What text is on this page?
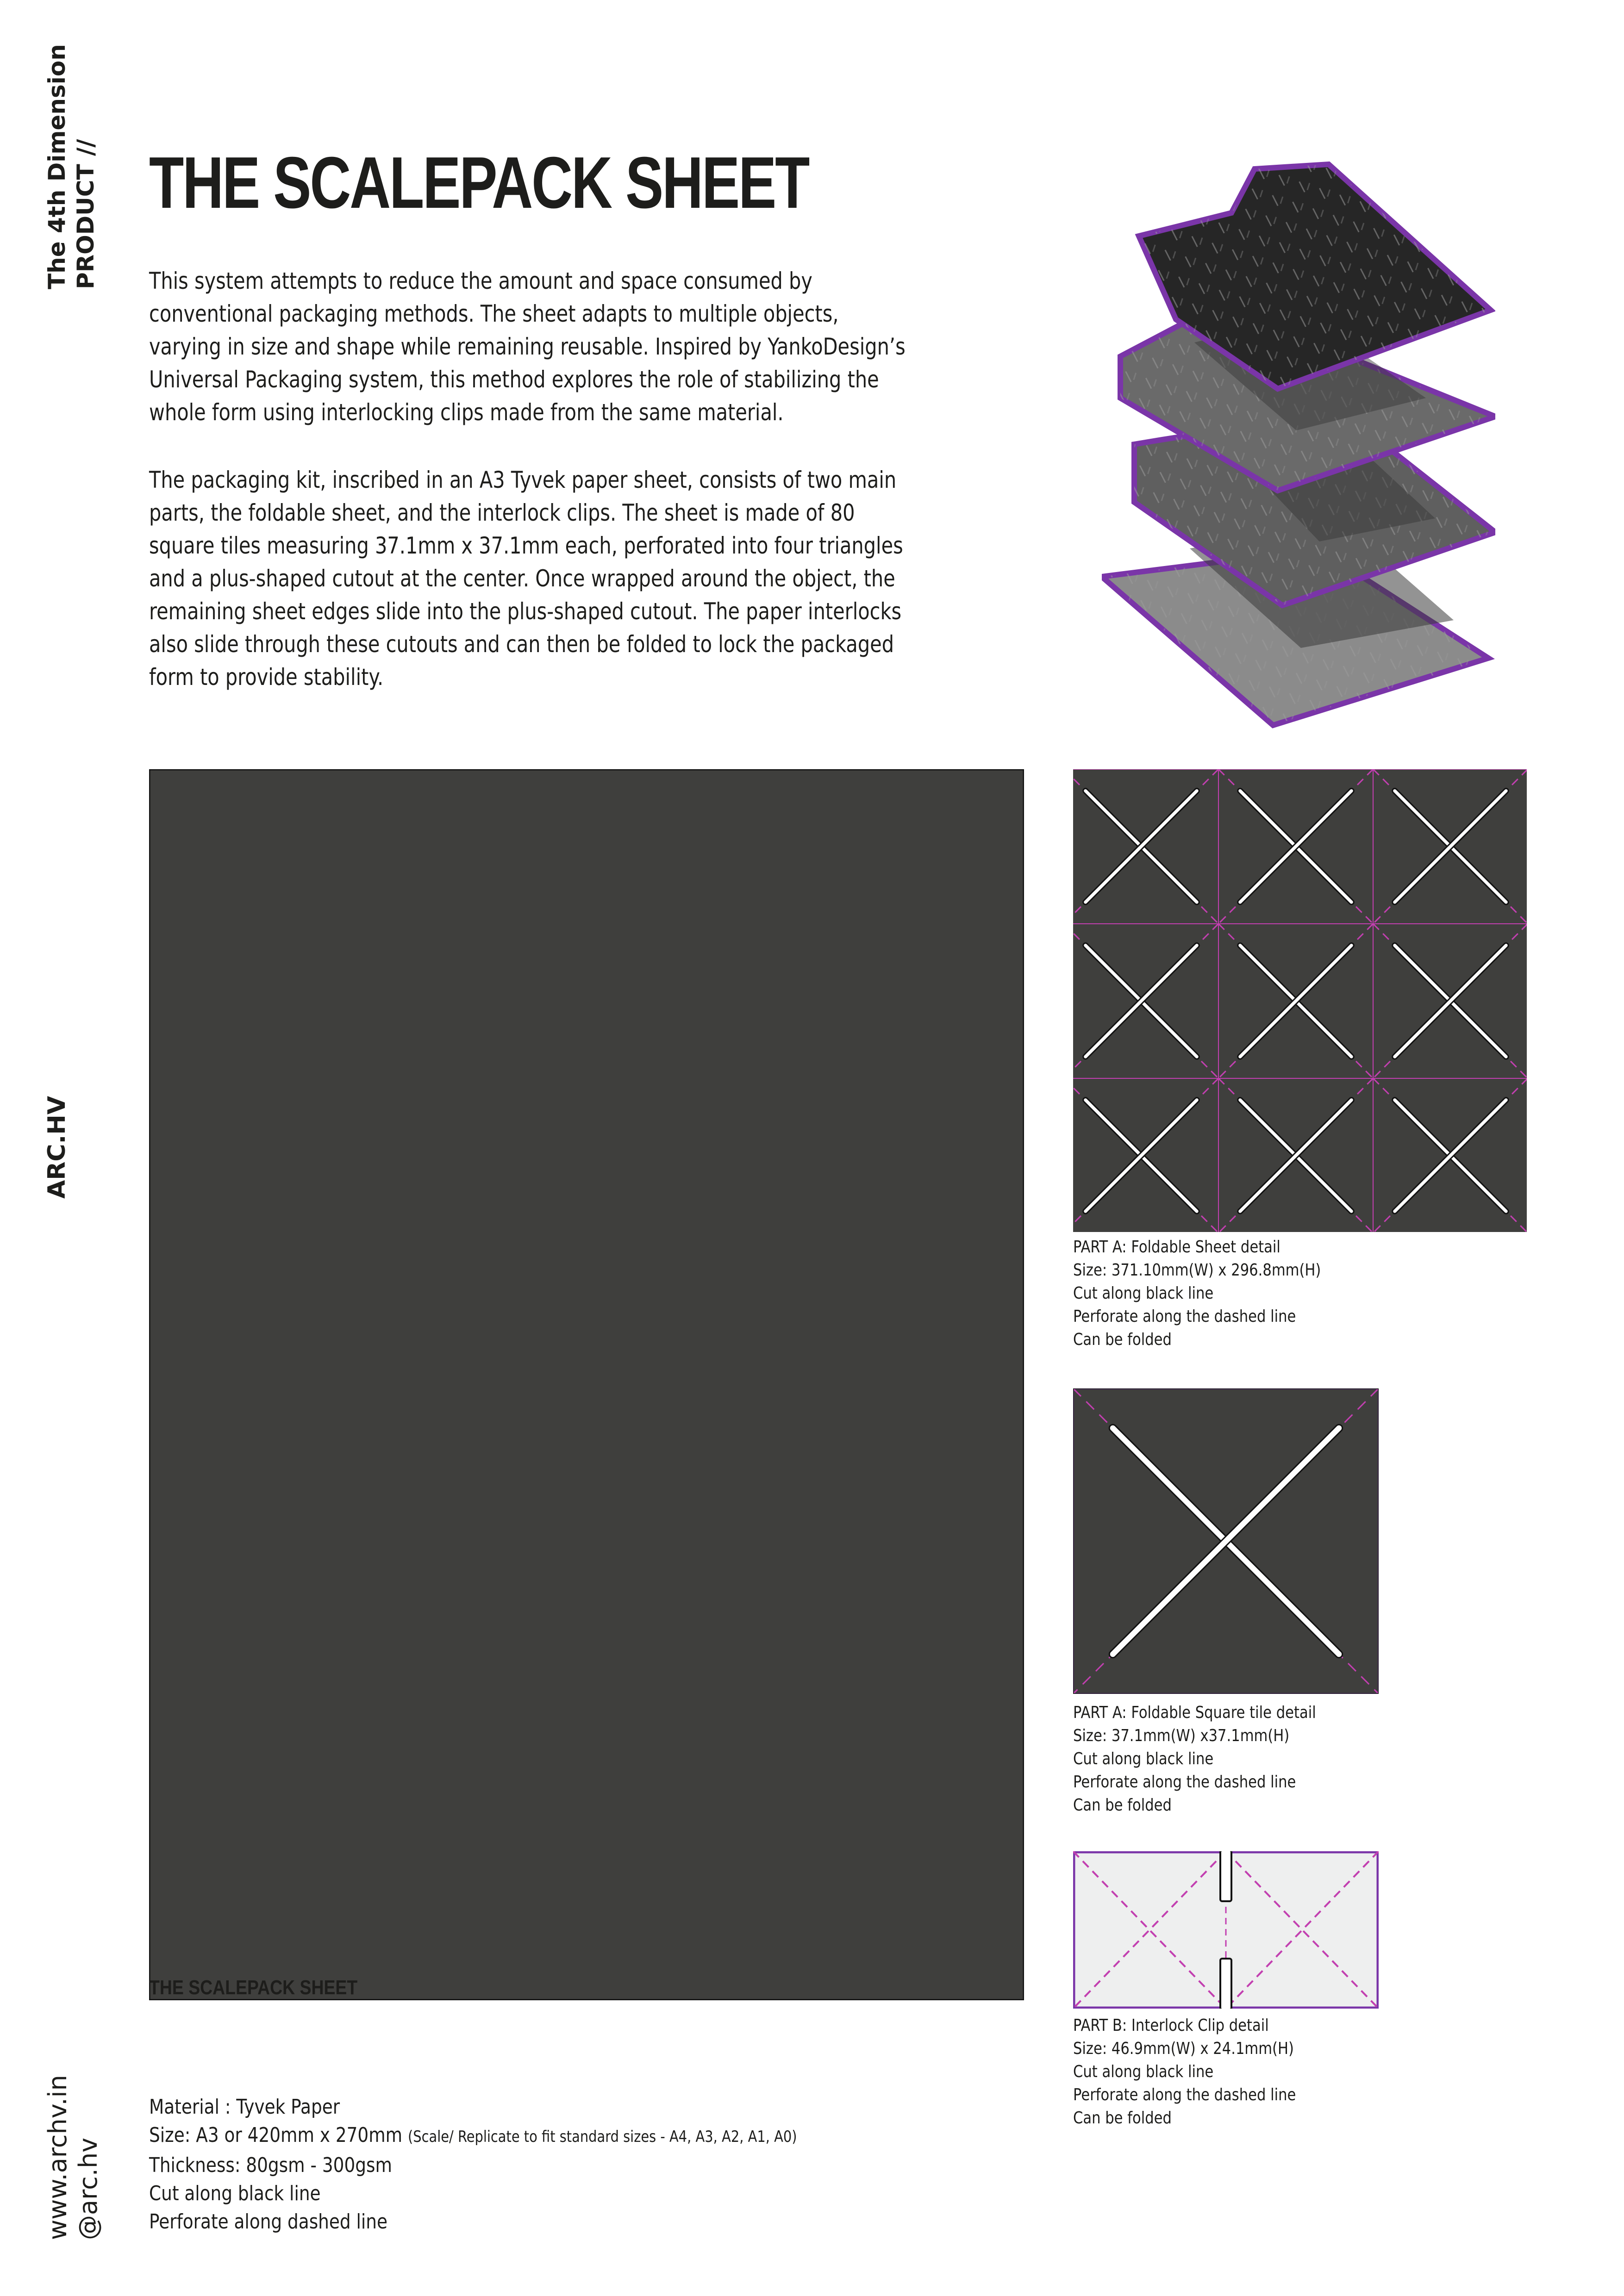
The 4th Dimension PRODUCT //
ARC.HV
www.archv.in @arc.hv
THE SCALEPACK SHEET
This system attempts to reduce the amount and space consumed by
conventional packaging methods. The sheet adapts to multiple objects,
varying in size and shape while remaining reusable. Inspired by YankoDesign’s
Universal Packaging system, this method explores the role of stabilizing the
whole form using interlocking clips made from the same material.
The packaging kit, inscribed in an A3 Tyvek paper sheet, consists of two main
parts, the foldable sheet, and the interlock clips. The sheet is made of 80
square tiles measuring 37.1mm x 37.1mm each, perforated into four triangles
and a plus-shaped cutout at the center. Once wrapped around the object, the
remaining sheet edges slide into the plus-shaped cutout. The paper interlocks
also slide through these cutouts and can then be folded to lock the packaged
form to provide stability.
THE SCALEPACK SHEET
Material : Tyvek Paper
Size: A3 or 420mm x 270mm (Scale/ Replicate to fit standard sizes - A4, A3, A2, A1, A0)
Thickness: 80gsm - 300gsm
Cut along black line
Perforate along dashed line
PART A: Foldable Sheet detail
Size: 371.10mm(W) x 296.8mm(H)
Cut along black line
Perforate along the dashed line
Can be folded
PART A: Foldable Square tile detail
Size: 37.1mm(W) x37.1mm(H)
Cut along black line
Perforate along the dashed line
Can be folded
PART B: Interlock Clip detail
Size: 46.9mm(W) x 24.1mm(H)
Cut along black line
Perforate along the dashed line
Can be folded
